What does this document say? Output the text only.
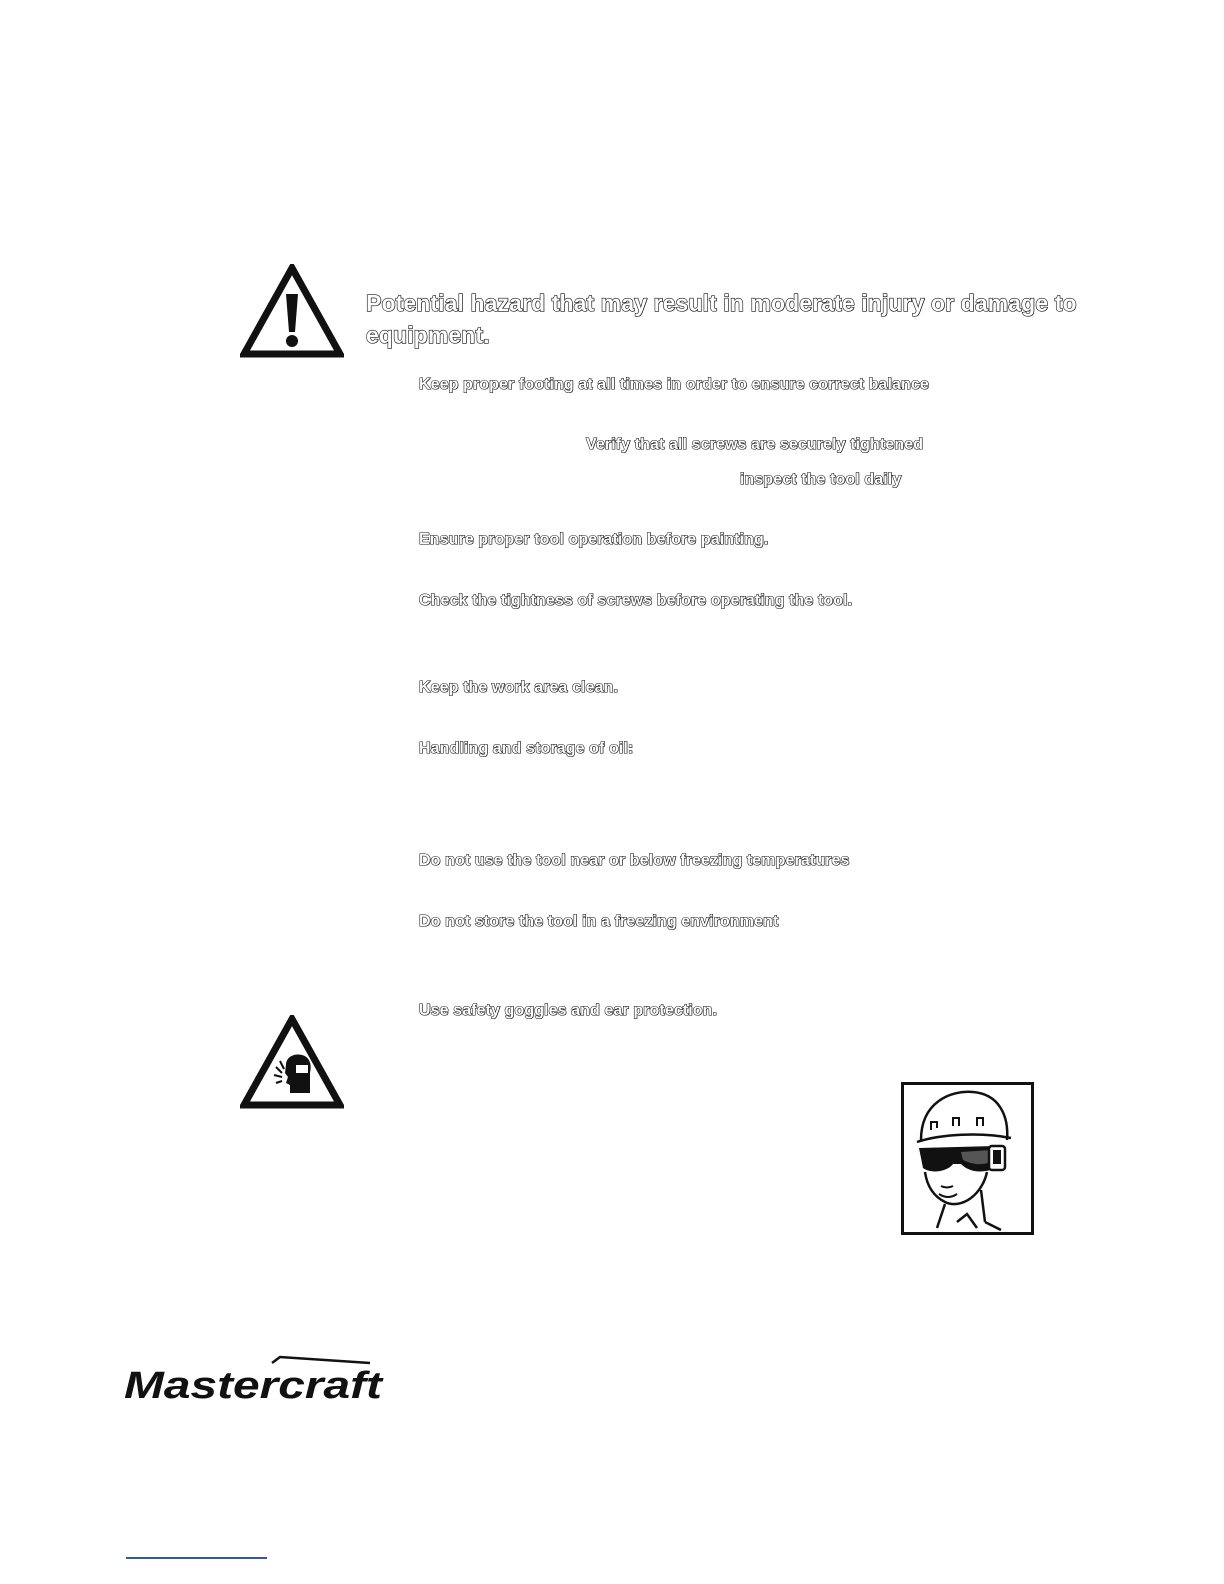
Potential hazard that may result in moderate injury or damage to
equipment.
Keep proper footing at all times in order to ensure correct balance
Verify that all screws are securely tightened
inspect the tool daily
Ensure proper tool operation before painting.
Check the tightness of screws before operating the tool.
Keep the work area clean.
Handling and storage of oil:
Do not use the tool near or below freezing temperatures
Do not store the tool in a freezing environment
Use safety goggles and ear protection.
Mastercraft
